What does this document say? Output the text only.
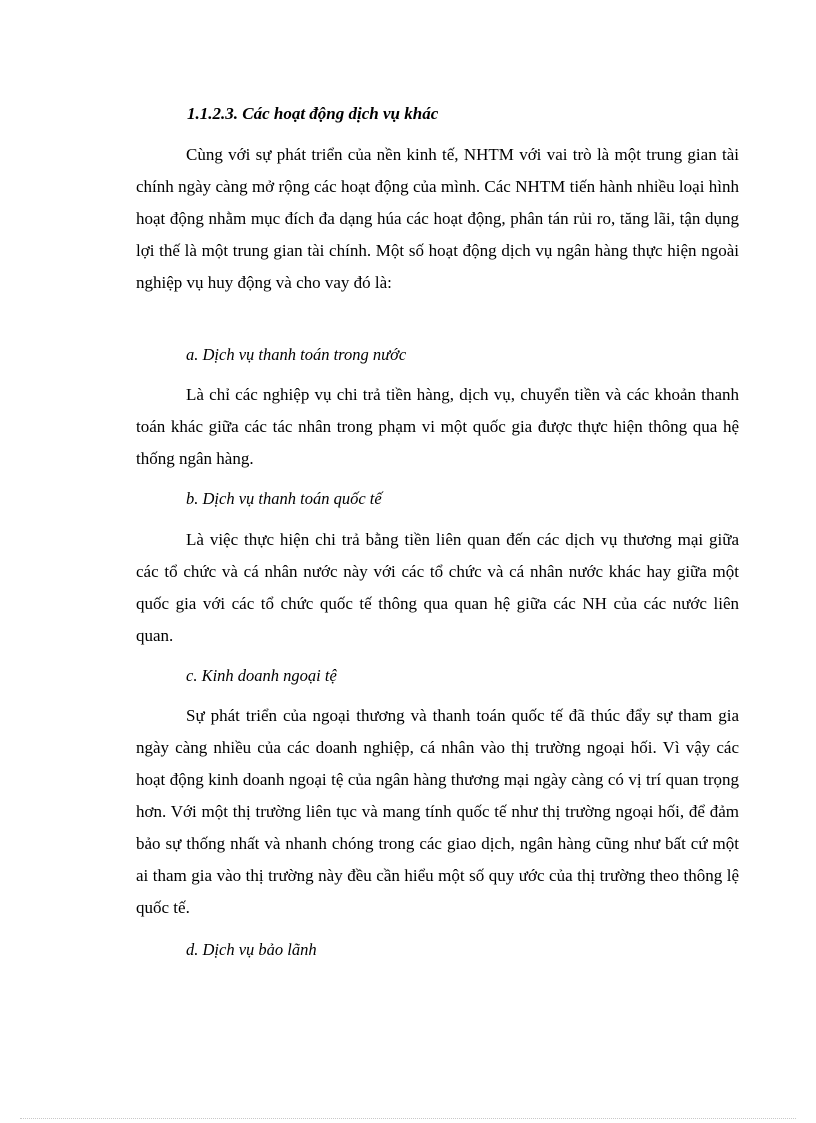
1.1.2.3. Các hoạt động dịch vụ khác

Cùng với sự phát triển của nền kinh tế, NHTM với vai trò là một trung gian tài chính ngày càng mở rộng các hoạt động của mình. Các NHTM tiến hành nhiều loại hình hoạt động nhằm mục đích đa dạng húa các hoạt động, phân tán rủi ro, tăng lãi, tận dụng lợi thế là một trung gian tài chính. Một số hoạt động dịch vụ ngân hàng thực hiện ngoài nghiệp vụ huy động và cho vay đó là:

a. Dịch vụ thanh toán trong nước

Là chỉ các nghiệp vụ chi trả tiền hàng, dịch vụ, chuyển tiền và các khoản thanh toán khác giữa các tác nhân trong phạm vi một quốc gia được thực hiện thông qua hệ thống ngân hàng.

b. Dịch vụ thanh toán quốc tế

Là việc thực hiện chi trả bằng tiền liên quan đến các dịch vụ thương mại giữa các tổ chức và cá nhân nước này với các tổ chức và cá nhân nước khác hay giữa một quốc gia với các tổ chức quốc tế thông qua quan hệ giữa các NH của các nước liên quan.

c. Kinh doanh ngoại tệ

Sự phát triển của ngoại thương và thanh toán quốc tế đã thúc đẩy sự tham gia ngày càng nhiều của các doanh nghiệp, cá nhân vào thị trường ngoại hối. Vì vậy các hoạt động kinh doanh ngoại tệ của ngân hàng thương mại ngày càng có vị trí quan trọng hơn. Với một thị trường liên tục và mang tính quốc tế như thị trường ngoại hối, để đảm bảo sự thống nhất và nhanh chóng trong các giao dịch, ngân hàng cũng như bất cứ một ai tham gia vào thị trường này đều cần hiểu một số quy ước của thị trường theo thông lệ quốc tế.

d. Dịch vụ bảo lãnh
